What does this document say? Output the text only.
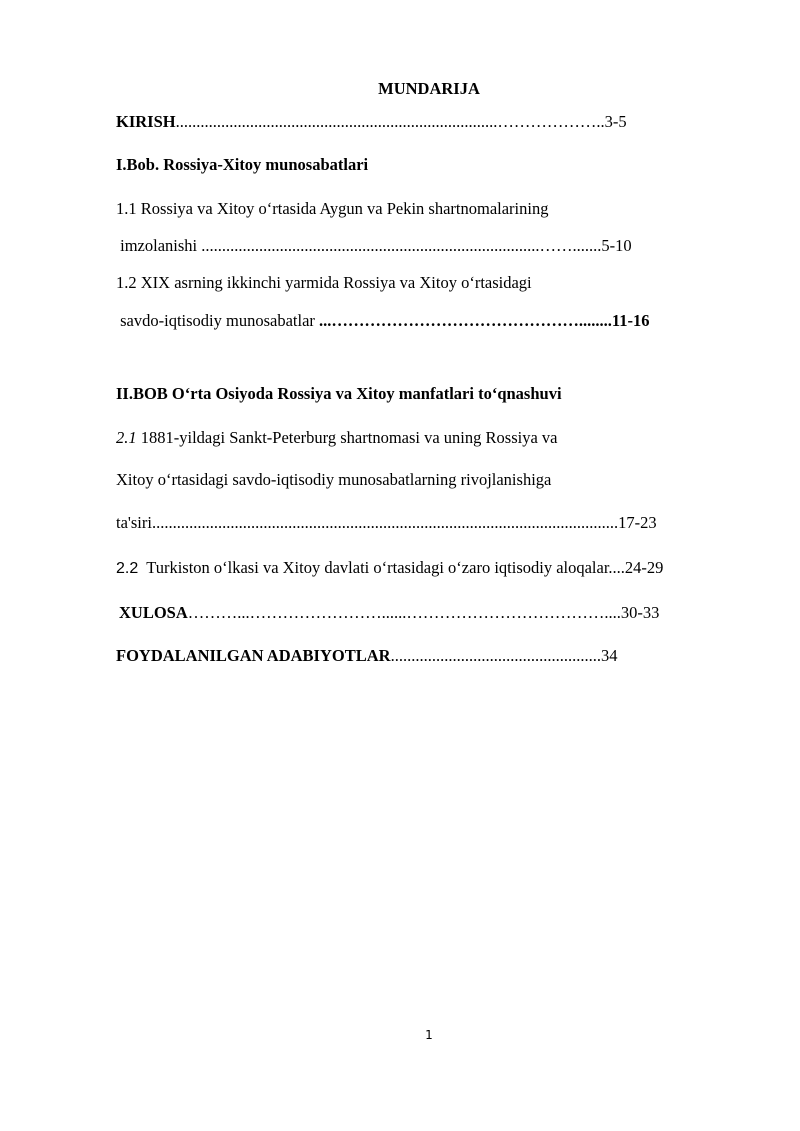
MUNDARIJA
KIRISH..............................................................................………………..3-5
I.Bob. Rossiya-Xitoy munosabatlari
1.1 Rossiya va Xitoy o‘rtasida Aygun va Pekin shartnomalarining
imzolanishi ..................................................................................…….......5-10
1.2 XIX asrning ikkinchi yarmida Rossiya va Xitoy o‘rtasidagi
savdo-iqtisodiy munosabatlar ...………………………………………........11-16
II.BOB O‘rta Osiyoda Rossiya va Xitoy manfatlari to‘qnashuvi
2.1 1881-yildagi Sankt-Peterburg shartnomasi va uning Rossiya va
Xitoy o‘rtasidagi savdo-iqtisodiy munosabatlarning rivojlanishiga
ta'siri.................................................................................................................17-23
2.2  Turkiston o‘lkasi va Xitoy davlati o‘rtasidagi o‘zaro iqtisodiy aloqalar....24-29
XULOSA………...……………………......………………………………....30-33
FOYDALANILGAN ADABIYOTLAR...................................................34
1
